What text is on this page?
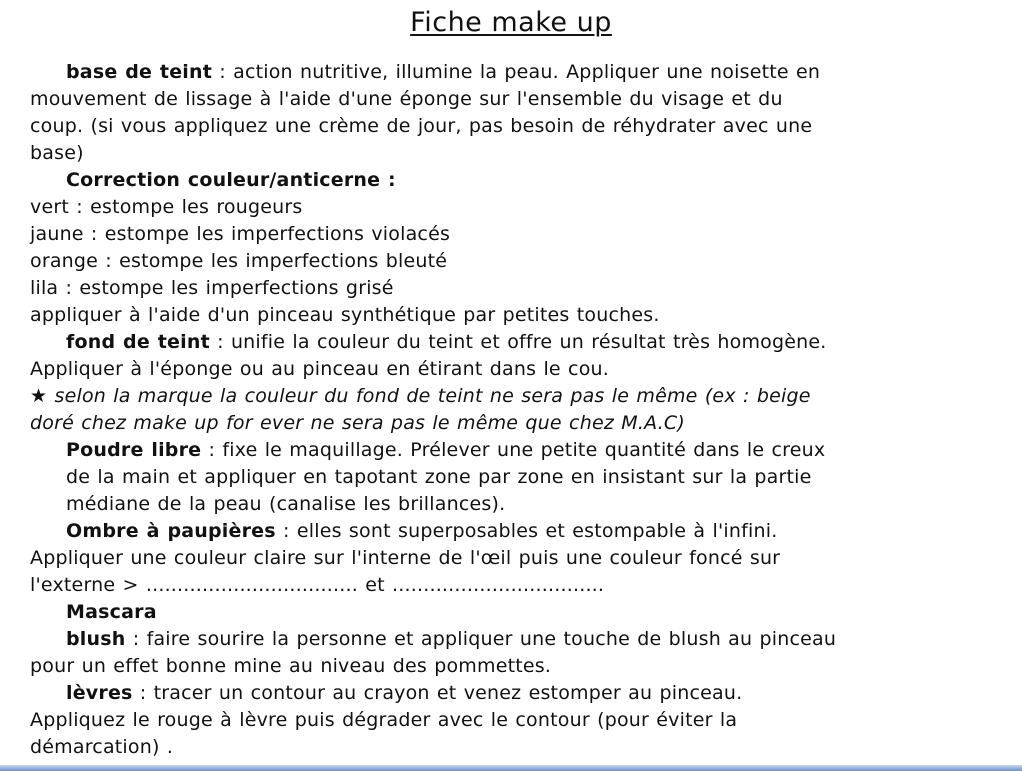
Fiche make up
base de teint : action nutritive, illumine la peau. Appliquer une noisette en
mouvement de lissage à l'aide d'une éponge sur l'ensemble du visage et du
coup. (si vous appliquez une crème de jour, pas besoin de réhydrater avec une
base)
Correction couleur/anticerne :
vert : estompe les rougeurs
jaune : estompe les imperfections violacés
orange : estompe les imperfections bleuté
lila : estompe les imperfections grisé
appliquer à l'aide d'un pinceau synthétique par petites touches.
fond de teint : unifie la couleur du teint et offre un résultat très homogène.
Appliquer à l'éponge ou au pinceau en étirant dans le cou.
★ selon la marque la couleur du fond de teint ne sera pas le même (ex : beige
doré chez make up for ever ne sera pas le même que chez M.A.C)
Poudre libre : fixe le maquillage. Prélever une petite quantité dans le creux
de la main et appliquer en tapotant zone par zone en insistant sur la partie
médiane de la peau (canalise les brillances).
Ombre à paupières : elles sont superposables et estompable à l'infini.
Appliquer une couleur claire sur l'interne de l'œil puis une couleur foncé sur
l'externe > .................................. et ..................................
Mascara
blush : faire sourire la personne et appliquer une touche de blush au pinceau
pour un effet bonne mine au niveau des pommettes.
lèvres : tracer un contour au crayon et venez estomper au pinceau.
Appliquez le rouge à lèvre puis dégrader avec le contour (pour éviter la
démarcation) .
